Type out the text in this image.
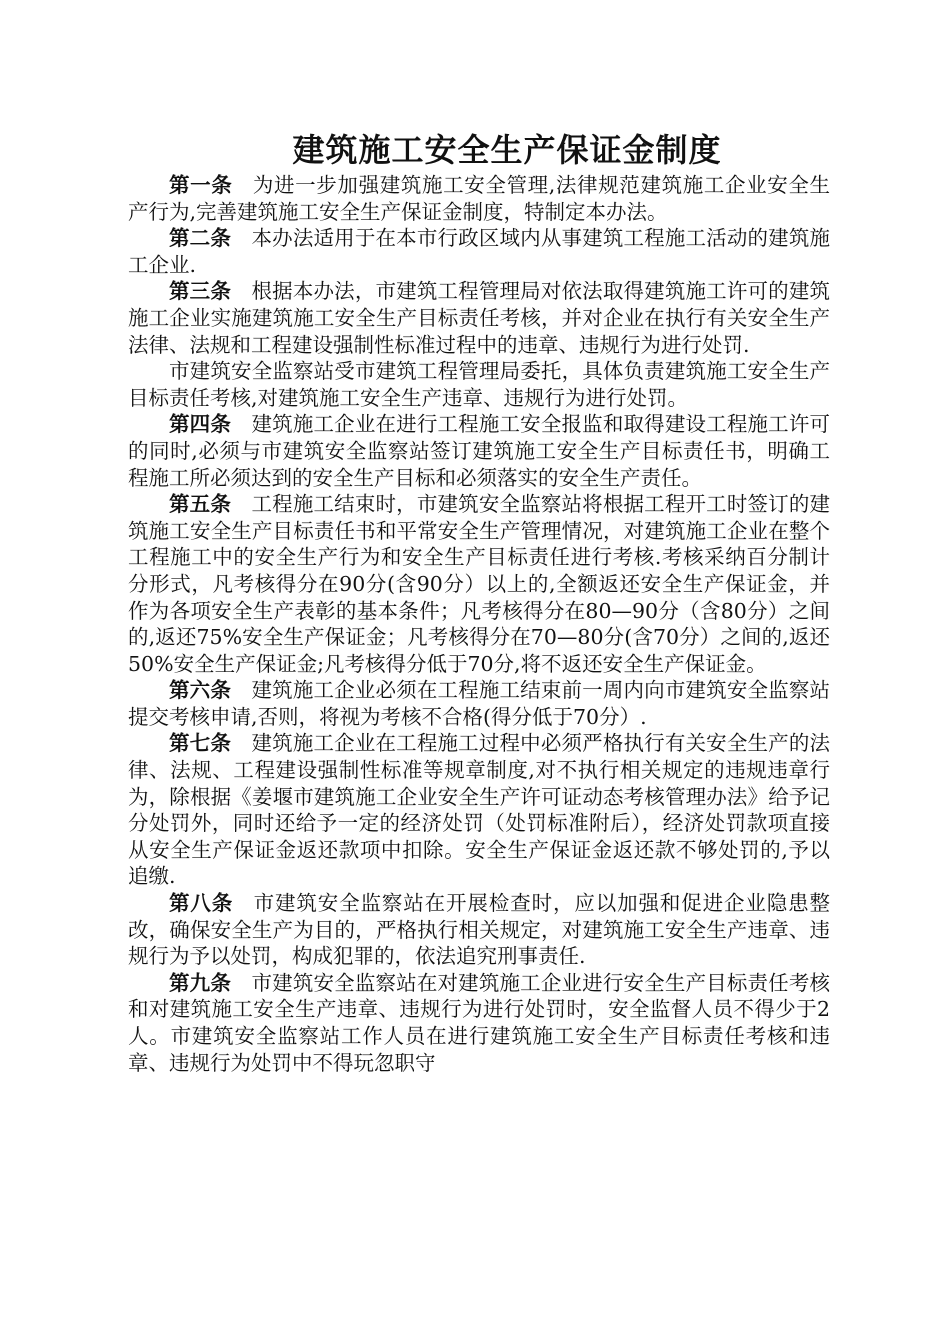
建筑施工安全生产保证金制度

第一条 为进一步加强建筑施工安全管理,法律规范建筑施工企业安全生产行为,完善建筑施工安全生产保证金制度，特制定本办法。

第二条 本办法适用于在本市行政区域内从事建筑工程施工活动的建筑施工企业.

第三条 根据本办法，市建筑工程管理局对依法取得建筑施工许可的建筑施工企业实施建筑施工安全生产目标责任考核，并对企业在执行有关安全生产法律、法规和工程建设强制性标准过程中的违章、违规行为进行处罚.

市建筑安全监察站受市建筑工程管理局委托，具体负责建筑施工安全生产目标责任考核,对建筑施工安全生产违章、违规行为进行处罚。

第四条 建筑施工企业在进行工程施工安全报监和取得建设工程施工许可的同时,必须与市建筑安全监察站签订建筑施工安全生产目标责任书，明确工程施工所必须达到的安全生产目标和必须落实的安全生产责任。

第五条 工程施工结束时，市建筑安全监察站将根据工程开工时签订的建筑施工安全生产目标责任书和平常安全生产管理情况，对建筑施工企业在整个工程施工中的安全生产行为和安全生产目标责任进行考核.考核采纳百分制计分形式，凡考核得分在90分(含90分）以上的,全额返还安全生产保证金，并作为各项安全生产表彰的基本条件；凡考核得分在80—90分（含80分）之间的,返还75%安全生产保证金；凡考核得分在70—80分(含70分）之间的,返还50%安全生产保证金;凡考核得分低于70分,将不返还安全生产保证金。

第六条 建筑施工企业必须在工程施工结束前一周内向市建筑安全监察站提交考核申请,否则，将视为考核不合格(得分低于70分）.

第七条 建筑施工企业在工程施工过程中必须严格执行有关安全生产的法律、法规、工程建设强制性标准等规章制度,对不执行相关规定的违规违章行为，除根据《姜堰市建筑施工企业安全生产许可证动态考核管理办法》给予记分处罚外，同时还给予一定的经济处罚（处罚标准附后），经济处罚款项直接从安全生产保证金返还款项中扣除。安全生产保证金返还款不够处罚的,予以追缴.

第八条 市建筑安全监察站在开展检查时，应以加强和促进企业隐患整改，确保安全生产为目的，严格执行相关规定，对建筑施工安全生产违章、违规行为予以处罚，构成犯罪的，依法追究刑事责任.

第九条 市建筑安全监察站在对建筑施工企业进行安全生产目标责任考核和对建筑施工安全生产违章、违规行为进行处罚时，安全监督人员不得少于2人。市建筑安全监察站工作人员在进行建筑施工安全生产目标责任考核和违章、违规行为处罚中不得玩忽职守
